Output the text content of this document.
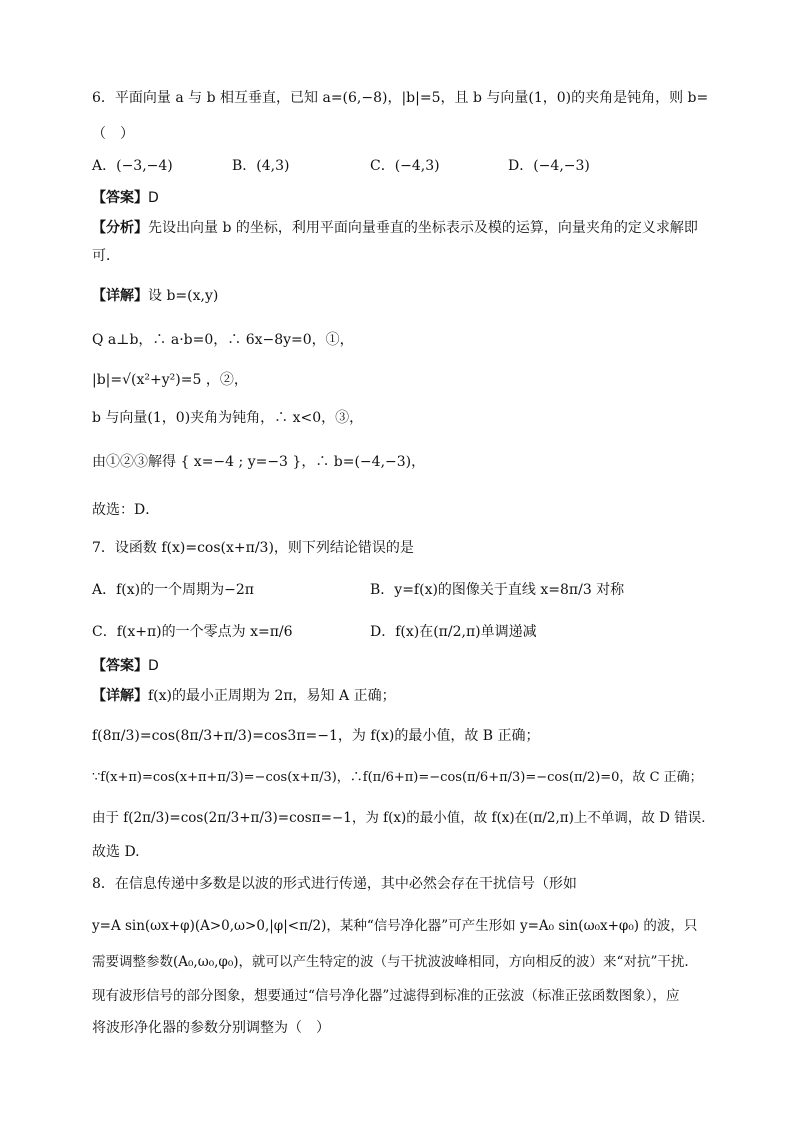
6．平面向量 a 与 b 相互垂直，已知 a=(6,−8)，|b|=5，且 b 与向量(1，0)的夹角是钝角，则 b=
（　）
A．(−3,−4)	B．(4,3)	C．(−4,3)	D．(−4,−3)
【答案】D
【分析】先设出向量 b 的坐标，利用平面向量垂直的坐标表示及模的运算，向量夹角的定义求解即
可．
【详解】设 b=(x,y)
Q a⊥b，∴ a·b=0，∴ 6x−8y=0，①，
|b|=√(x²+y²)=5 ，②，
b 与向量(1，0)夹角为钝角，∴ x<0，③，
由①②③解得 { x=−4 ; y=−3 }，∴ b=(−4,−3)，
故选：D．
7．设函数 f(x)=cos(x+π/3)，则下列结论错误的是
A．f(x)的一个周期为−2π	B．y=f(x)的图像关于直线 x=8π/3 对称
C．f(x+π)的一个零点为 x=π/6	D．f(x)在(π/2,π)单调递减
【答案】D
【详解】f(x)的最小正周期为 2π，易知 A 正确；
f(8π/3)=cos(8π/3+π/3)=cos3π=−1，为 f(x)的最小值，故 B 正确；
∵f(x+π)=cos(x+π+π/3)=−cos(x+π/3)，∴f(π/6+π)=−cos(π/6+π/3)=−cos(π/2)=0，故 C 正确；
由于 f(2π/3)=cos(2π/3+π/3)=cosπ=−1，为 f(x)的最小值，故 f(x)在(π/2,π)上不单调，故 D 错误．
故选 D.
8．在信息传递中多数是以波的形式进行传递，其中必然会存在干扰信号（形如
y=A sin(ωx+φ)(A>0,ω>0,|φ|<π/2)，某种“信号净化器”可产生形如 y=A₀ sin(ω₀x+φ₀) 的波，只
需要调整参数(A₀,ω₀,φ₀)，就可以产生特定的波（与干扰波波峰相同，方向相反的波）来“对抗”干扰.
现有波形信号的部分图象，想要通过“信号净化器”过滤得到标准的正弦波（标准正弦函数图象），应
将波形净化器的参数分别调整为（　）
